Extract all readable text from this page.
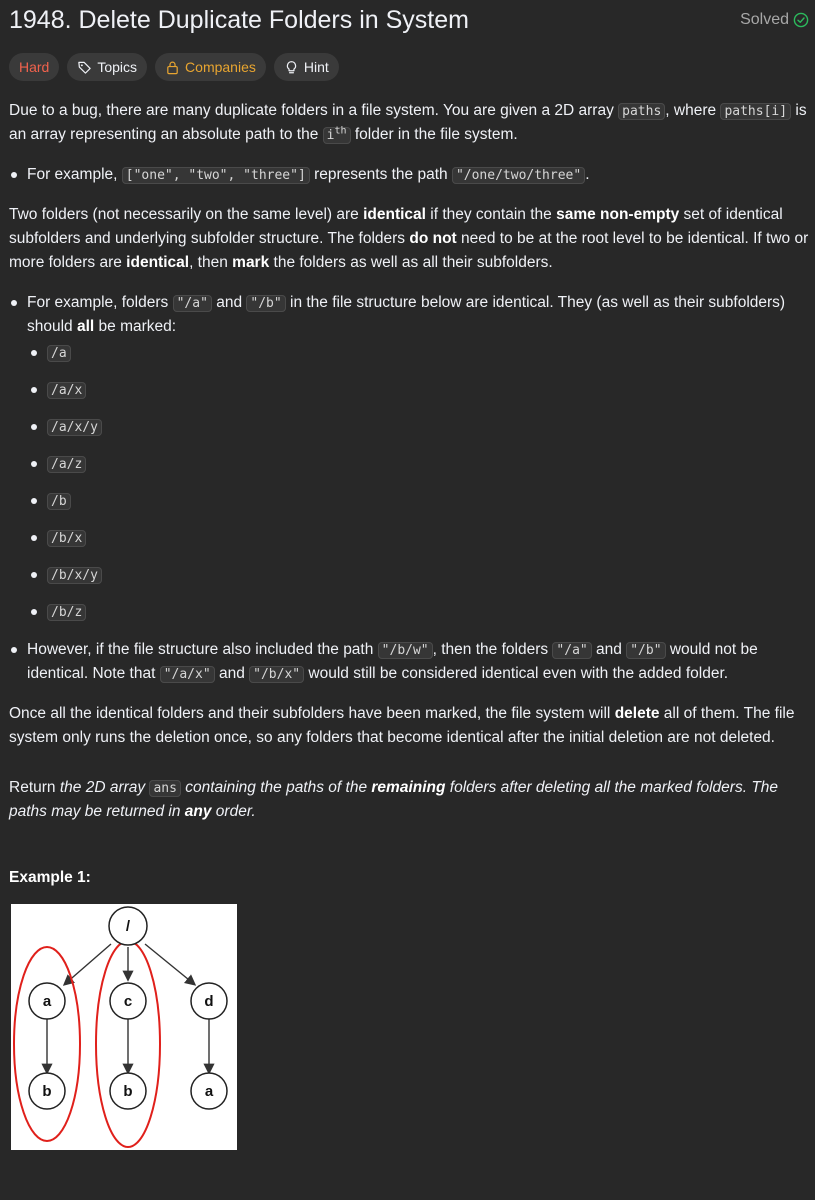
1948. Delete Duplicate Folders in System	Solved
Hard	Topics	Companies	Hint

Due to a bug, there are many duplicate folders in a file system. You are given a 2D array paths , where paths[i] is an array representing an absolute path to the $i^{th}$ folder in the file system.

For example, ["one", "two", "three"] represents the path "/one/two/three" .

Two folders (not necessarily on the same level) are identical if they contain the same non-empty set of identical subfolders and underlying subfolder structure. The folders do not need to be at the root level to be identical. If two or more folders are identical, then mark the folders as well as all their subfolders.

For example, folders "/a" and "/b" in the file structure below are identical. They (as well as their subfolders) should all be marked:
/a
/a/x
/a/x/y
/a/z
/b
/b/x
/b/x/y
/b/z
However, if the file structure also included the path "/b/w" , then the folders "/a" and "/b" would not be identical. Note that "/a/x" and "/b/x" would still be considered identical even with the added folder.

Once all the identical folders and their subfolders have been marked, the file system will delete all of them. The file system only runs the deletion once, so any folders that become identical after the initial deletion are not deleted.

Return the 2D array ans containing the paths of the remaining folders after deleting all the marked folders. The paths may be returned in any order.

Example 1:
/
a	c	d
b	b	a
